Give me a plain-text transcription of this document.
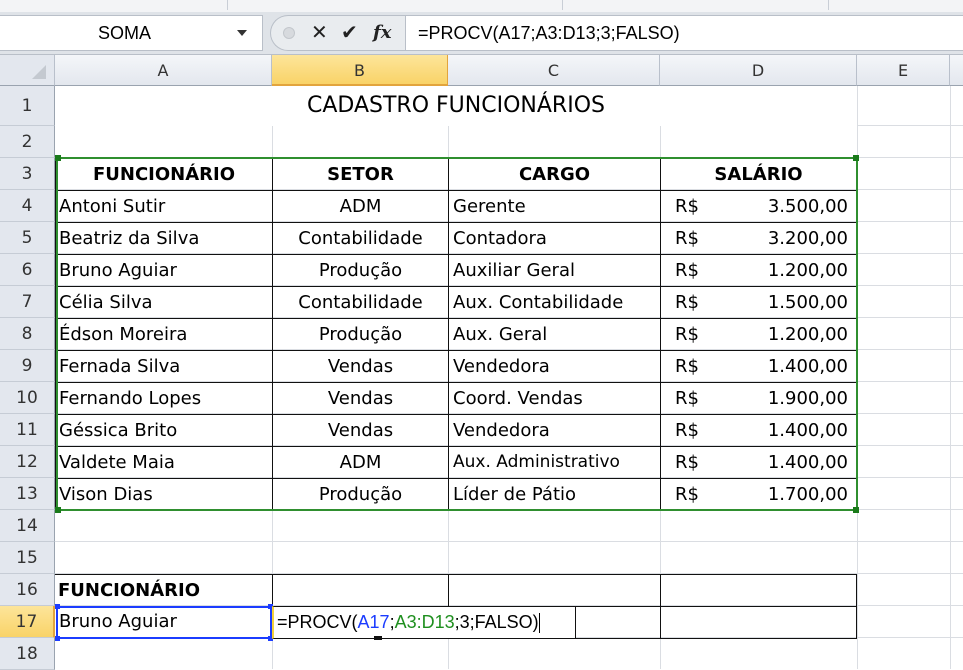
SOMA	✕ ✔ fx =PROCV(A17;A3:D13;3;FALSO)
A	B	C	D	E
1
2
3
4
5
6
7
8
9
10
11
12
13
14
15
16
17
18
CADASTRO FUNCIONÁRIOS
FUNCIONÁRIO	SETOR	CARGO	SALÁRIO
Antoni Sutir	ADM	Gerente	R$	3.500,00
Beatriz da Silva	Contabilidade	Contadora	R$	3.200,00
Bruno Aguiar	Produção	Auxiliar Geral	R$	1.200,00
Célia Silva	Contabilidade	Aux. Contabilidade	R$	1.500,00
Édson Moreira	Produção	Aux. Geral	R$	1.200,00
Fernada Silva	Vendas	Vendedora	R$	1.400,00
Fernando Lopes	Vendas	Coord. Vendas	R$	1.900,00
Géssica Brito	Vendas	Vendedora	R$	1.400,00
Valdete Maia	ADM	Aux. Administrativo	R$	1.400,00
Vison Dias	Produção	Líder de Pátio	R$	1.700,00
FUNCIONÁRIO
Bruno Aguiar	=PROCV(A17;A3:D13;3;FALSO)
